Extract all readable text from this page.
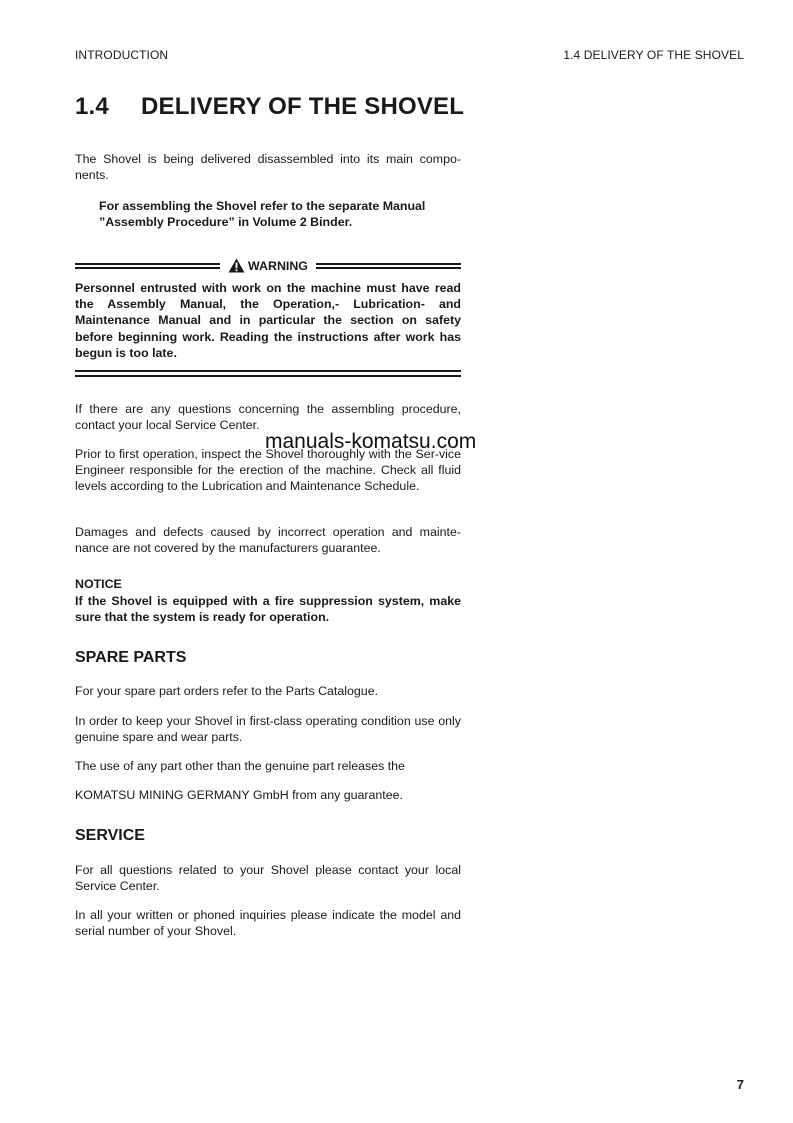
INTRODUCTION	1.4 DELIVERY OF THE SHOVEL
1.4 DELIVERY OF THE SHOVEL

The Shovel is being delivered disassembled into its main compo-nents.

For assembling the Shovel refer to the separate Manual ”Assembly Procedure” in Volume 2 Binder.

WARNING

Personnel entrusted with work on the machine must have read the Assembly Manual, the Operation,- Lubrication- and Maintenance Manual and in particular the section on safety before beginning work. Reading the instructions after work has begun is too late.

If there are any questions concerning the assembling procedure, contact your local Service Center.

Prior to first operation, inspect the Shovel thoroughly with the Ser-vice Engineer responsible for the erection of the machine. Check all fluid levels according to the Lubrication and Maintenance Schedule.

Damages and defects caused by incorrect operation and mainte-nance are not covered by the manufacturers guarantee.

NOTICE

If the Shovel is equipped with a fire suppression system, make sure that the system is ready for operation.

SPARE PARTS
For your spare part orders refer to the Parts Catalogue.

In order to keep your Shovel in first-class operating condition use only genuine spare and wear parts.

The use of any part other than the genuine part releases the
KOMATSU MINING GERMANY GmbH from any guarantee.
SERVICE

For all questions related to your Shovel please contact your local Service Center.

In all your written or phoned inquiries please indicate the model and serial number of your Shovel.

manuals-komatsu.com
7
